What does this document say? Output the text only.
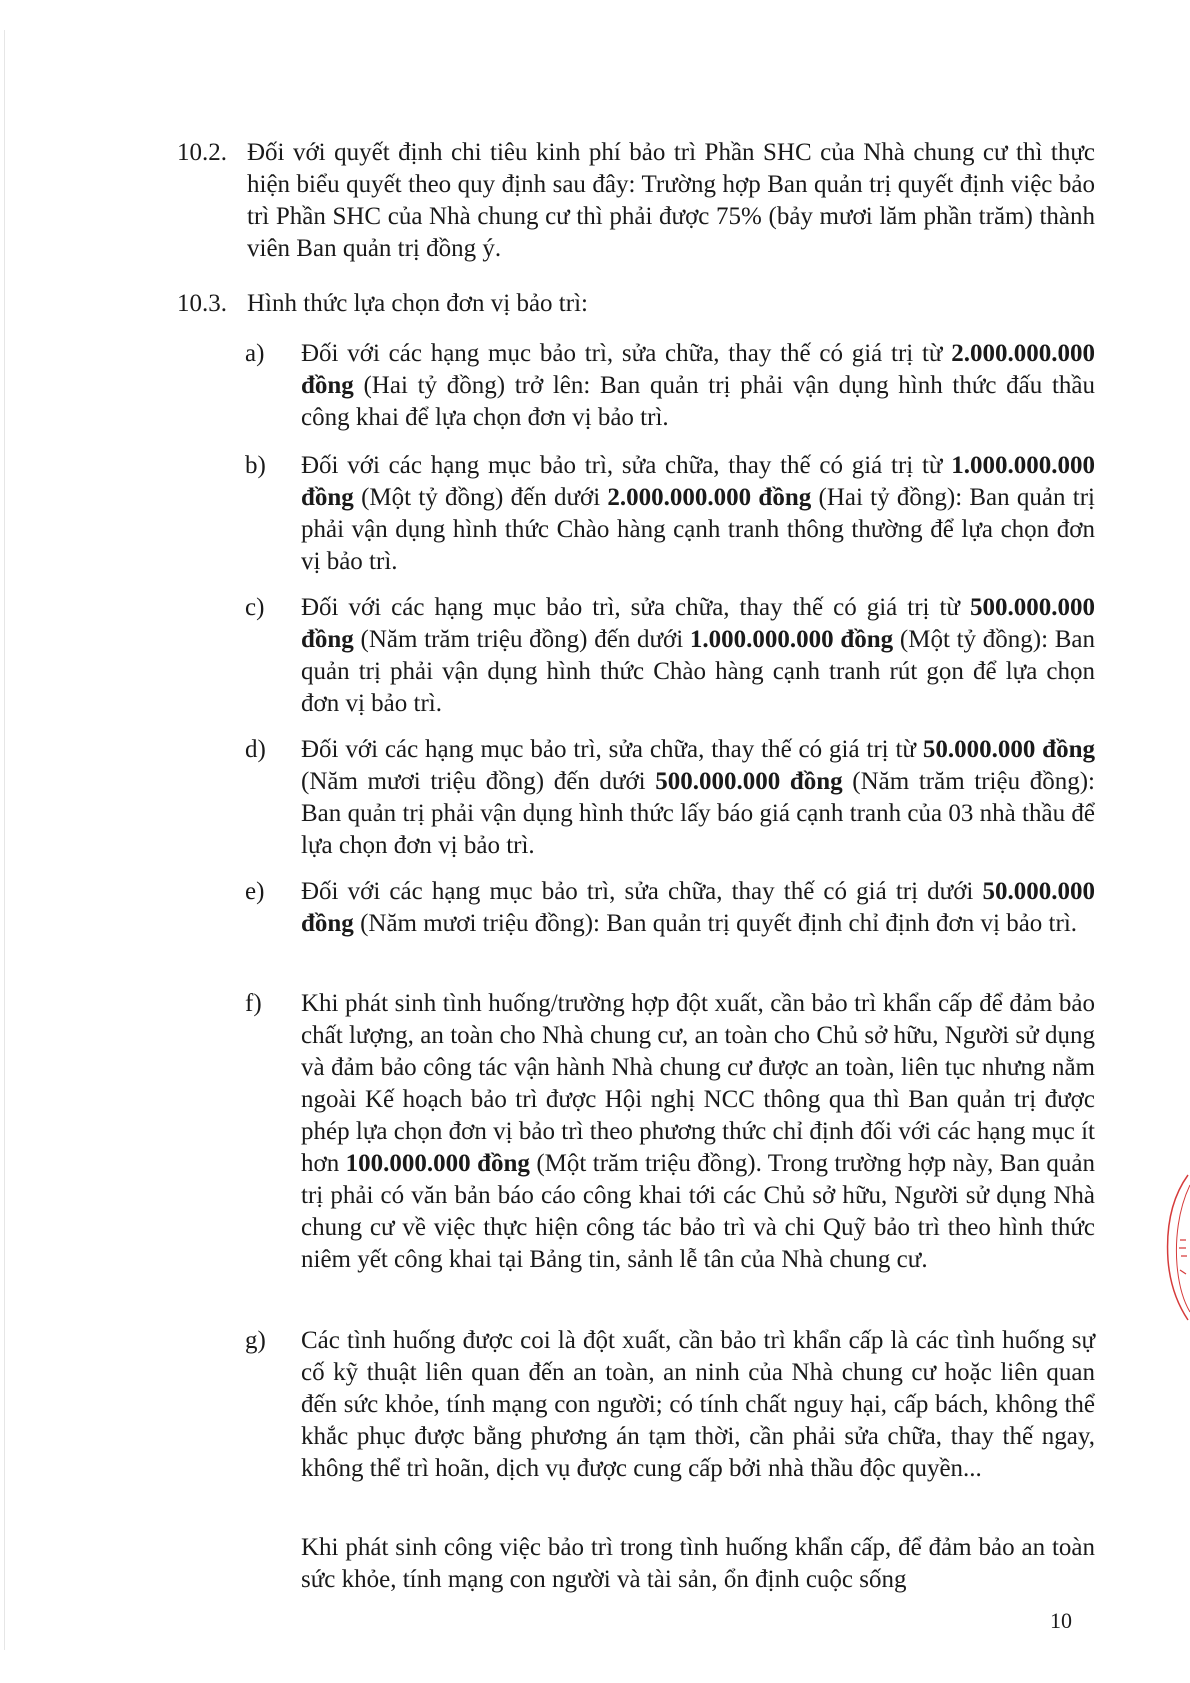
10.2. Đối với quyết định chi tiêu kinh phí bảo trì Phần SHC của Nhà chung cư thì thực hiện biểu quyết theo quy định sau đây: Trường hợp Ban quản trị quyết định việc bảo trì Phần SHC của Nhà chung cư thì phải được 75% (bảy mươi lăm phần trăm) thành viên Ban quản trị đồng ý.
10.3. Hình thức lựa chọn đơn vị bảo trì:
a)	Đối với các hạng mục bảo trì, sửa chữa, thay thế có giá trị từ 2.000.000.000 đồng (Hai tỷ đồng) trở lên: Ban quản trị phải vận dụng hình thức đấu thầu công khai để lựa chọn đơn vị bảo trì.
b)	Đối với các hạng mục bảo trì, sửa chữa, thay thế có giá trị từ 1.000.000.000 đồng (Một tỷ đồng) đến dưới 2.000.000.000 đồng (Hai tỷ đồng): Ban quản trị phải vận dụng hình thức Chào hàng cạnh tranh thông thường để lựa chọn đơn vị bảo trì.
c)	Đối với các hạng mục bảo trì, sửa chữa, thay thế có giá trị từ 500.000.000 đồng (Năm trăm triệu đồng) đến dưới 1.000.000.000 đồng (Một tỷ đồng): Ban quản trị phải vận dụng hình thức Chào hàng cạnh tranh rút gọn để lựa chọn đơn vị bảo trì.
d)	Đối với các hạng mục bảo trì, sửa chữa, thay thế có giá trị từ 50.000.000 đồng (Năm mươi triệu đồng) đến dưới 500.000.000 đồng (Năm trăm triệu đồng): Ban quản trị phải vận dụng hình thức lấy báo giá cạnh tranh của 03 nhà thầu để lựa chọn đơn vị bảo trì.
e)	Đối với các hạng mục bảo trì, sửa chữa, thay thế có giá trị dưới 50.000.000 đồng (Năm mươi triệu đồng): Ban quản trị quyết định chỉ định đơn vị bảo trì.
f)	Khi phát sinh tình huống/trường hợp đột xuất, cần bảo trì khẩn cấp để đảm bảo chất lượng, an toàn cho Nhà chung cư, an toàn cho Chủ sở hữu, Người sử dụng và đảm bảo công tác vận hành Nhà chung cư được an toàn, liên tục nhưng nằm ngoài Kế hoạch bảo trì được Hội nghị NCC thông qua thì Ban quản trị được phép lựa chọn đơn vị bảo trì theo phương thức chỉ định đối với các hạng mục ít hơn 100.000.000 đồng (Một trăm triệu đồng). Trong trường hợp này, Ban quản trị phải có văn bản báo cáo công khai tới các Chủ sở hữu, Người sử dụng Nhà chung cư về việc thực hiện công tác bảo trì và chi Quỹ bảo trì theo hình thức niêm yết công khai tại Bảng tin, sảnh lễ tân của Nhà chung cư.
g)	Các tình huống được coi là đột xuất, cần bảo trì khẩn cấp là các tình huống sự cố kỹ thuật liên quan đến an toàn, an ninh của Nhà chung cư hoặc liên quan đến sức khỏe, tính mạng con người; có tính chất nguy hại, cấp bách, không thể khắc phục được bằng phương án tạm thời, cần phải sửa chữa, thay thế ngay, không thể trì hoãn, dịch vụ được cung cấp bởi nhà thầu độc quyền...
Khi phát sinh công việc bảo trì trong tình huống khẩn cấp, để đảm bảo an toàn sức khỏe, tính mạng con người và tài sản, ổn định cuộc sống
10
